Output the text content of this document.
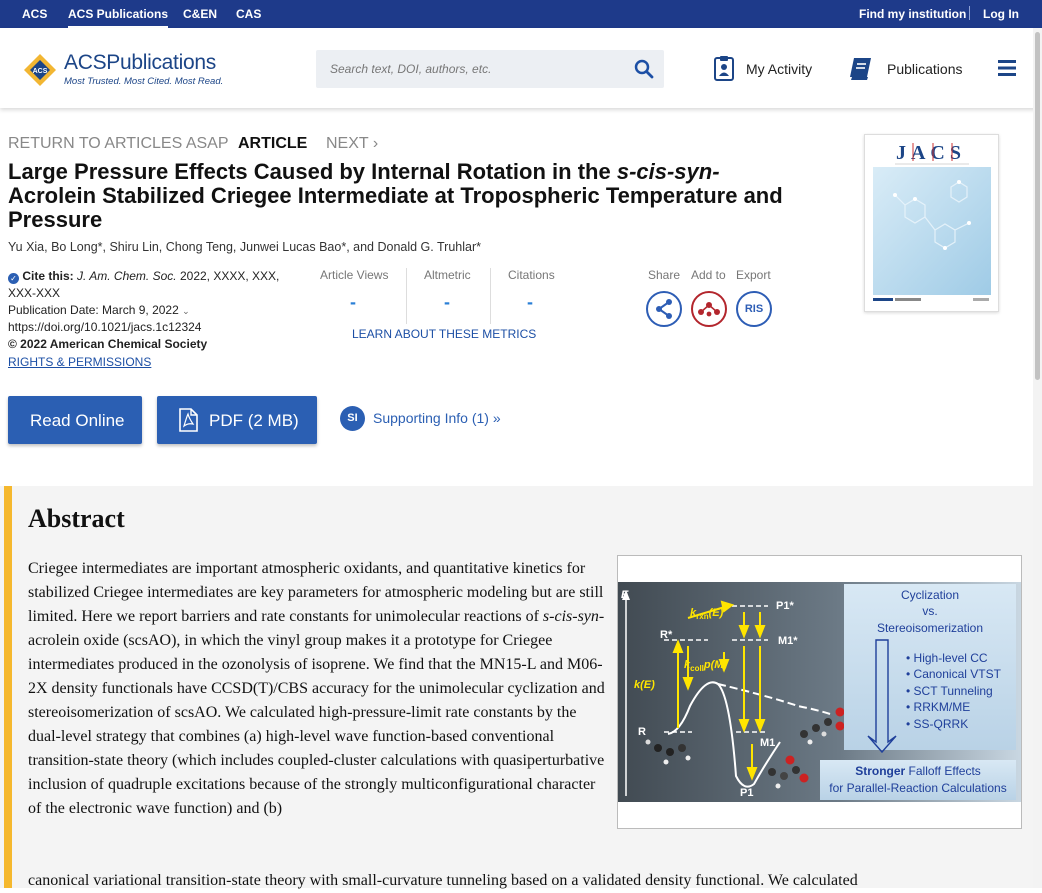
ACS ACS Publications C&EN CAS	Find my institution Log In
ACS ACSPublications
Most Trusted. Most Cited. Most Read.
Search text, DOI, authors, etc.
My Activity	Publications
RETURN TO ARTICLES ASAP ARTICLE NEXT ›
Large Pressure Effects Caused by Internal Rotation in the s-cis-syn-Acrolein Stabilized Criegee Intermediate at Tropospheric Temperature and Pressure
Yu Xia, Bo Long*, Shiru Lin, Chong Teng, Junwei Lucas Bao*, and Donald G. Truhlar*
✓ Cite this: J. Am. Chem. Soc. 2022, XXXX, XXX, XXX-XXX
Publication Date: March 9, 2022 ⌄
https://doi.org/10.1021/jacs.1c12324
© 2022 American Chemical Society
RIGHTS & PERMISSIONS
Article Views	Altmetric	Citations
-	-	-
LEARN ABOUT THESE METRICS
Share Add to Export
RIS
JACS
Read Online	PDF (2 MB)	SI	Supporting Info (1) »
Abstract
Criegee intermediates are important atmospheric oxidants, and quantitative kinetics for stabilized Criegee intermediates are key parameters for atmospheric modeling but are still limited. Here we report barriers and rate constants for unimolecular reactions of s-cis-syn-acrolein oxide (scsAO), in which the vinyl group makes it a prototype for Criegee intermediates produced in the ozonolysis of isoprene. We find that the MN15-L and M06-2X density functionals have CCSD(T)/CBS accuracy for the unimolecular cyclization and stereoisomerization of scsAO. We calculated high-pressure-limit rate constants by the dual-level strategy that combines (a) high-level wave function-based conventional transition-state theory (which includes coupled-cluster calculations with quasiperturbative inclusion of quadruple excitations because of the strongly multiconfigurational character of the electronic wave function) and (b)
canonical variational transition-state theory with small-curvature tunneling based on a validated density functional. We calculated
E
P1*
R*	M1*
R
M1
P1
$k_{rxn}(E)$
$k_{coll}p(M)$
k(E)
Cyclization
vs.
Stereoisomerization
• High-level CC
• Canonical VTST
• SCT Tunneling
• RRKM/ME
• SS-QRRK
Stronger Falloff Effects
for Parallel-Reaction Calculations
